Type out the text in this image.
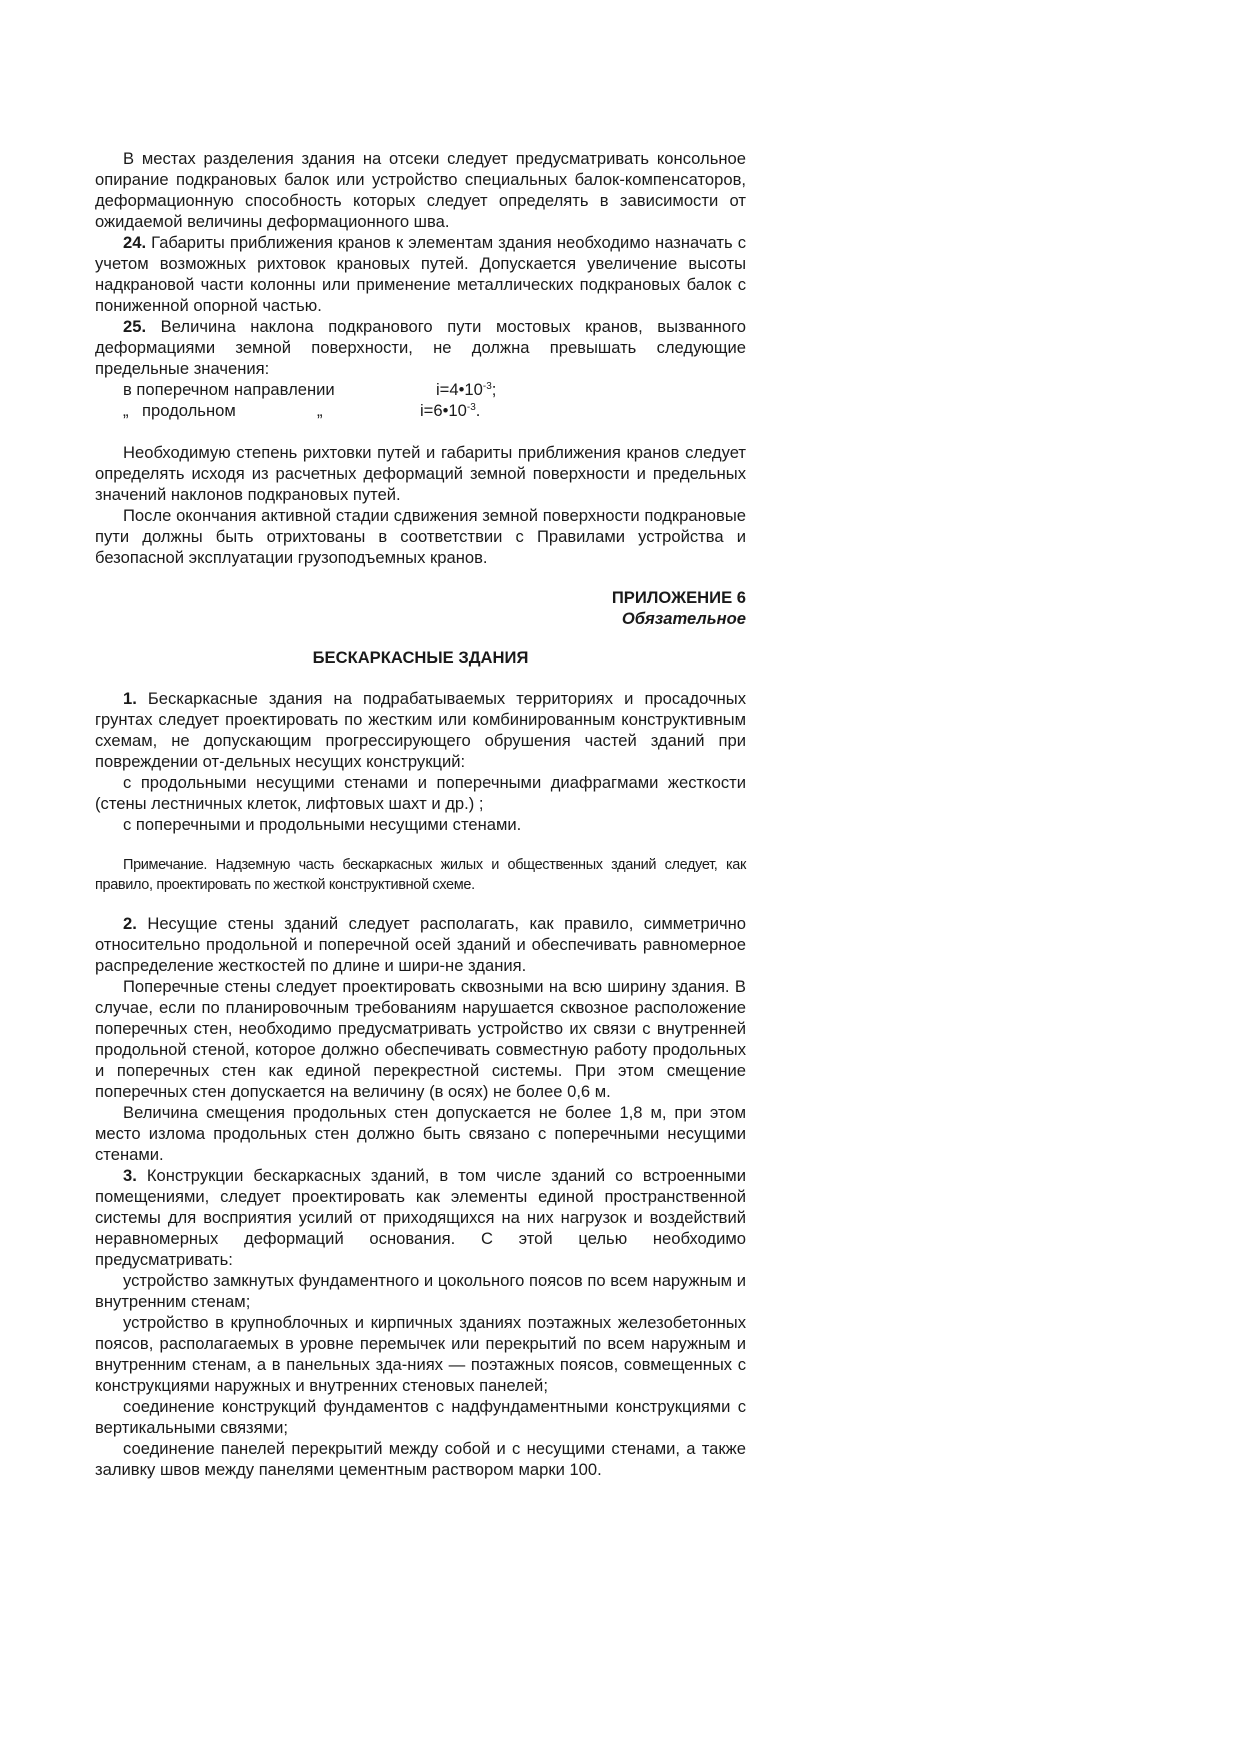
В местах разделения здания на отсеки следует предусматривать консольное опирание подкрановых балок или устройство специальных балок-компенсаторов, деформационную способность которых следует определять в зависимости от ожидаемой величины деформационного шва.

24. Габариты приближения кранов к элементам здания необходимо назначать с учетом возможных рихтовок крановых путей. Допускается увеличение высоты надкрановой части колонны или применение металлических подкрановых балок с пониженной опорной частью.

25. Величина наклона подкранового пути мостовых кранов, вызванного деформациями земной поверхности, не должна превышать следующие предельные значения:

в поперечном направлении	$i=4•10^{-3}$;
„ продольном	„	$i=6•10^{-3}$.

Необходимую степень рихтовки путей и габариты приближения кранов следует определять исходя из расчетных деформаций земной поверхности и предельных значений наклонов подкрановых путей.

После окончания активной стадии сдвижения земной поверхности подкрановые пути должны быть отрихтованы в соответствии с Правилами устройства и безопасной эксплуатации грузоподъемных кранов.

ПРИЛОЖЕНИЕ 6
Обязательное
БЕСКАРКАСНЫЕ ЗДАНИЯ

1. Бескаркасные здания на подрабатываемых территориях и просадочных грунтах следует проектировать по жестким или комбинированным конструктивным схемам, не допускающим прогрессирующего обрушения частей зданий при повреждении от-дельных несущих конструкций:

с продольными несущими стенами и поперечными диафрагмами жесткости (стены лестничных клеток, лифтовых шахт и др.) ;

с поперечными и продольными несущими стенами.

Примечание. Надземную часть бескаркасных жилых и общественных зданий следует, как правило, проектировать по жесткой конструктивной схеме.

2. Несущие стены зданий следует располагать, как правило, симметрично относительно продольной и поперечной осей зданий и обеспечивать равномерное распределение жесткостей по длине и шири-не здания.

Поперечные стены следует проектировать сквозными на всю ширину здания. В случае, если по планировочным требованиям нарушается сквозное расположение поперечных стен, необходимо предусматривать устройство их связи с внутренней продольной стеной, которое должно обеспечивать совместную работу продольных и поперечных стен как единой перекрестной системы. При этом смещение поперечных стен допускается на величину (в осях) не более 0,6 м.

Величина смещения продольных стен допускается не более 1,8 м, при этом место излома продольных стен должно быть связано с поперечными несущими стенами.

3. Конструкции бескаркасных зданий, в том числе зданий со встроенными помещениями, следует проектировать как элементы единой пространственной системы для восприятия усилий от приходящихся на них нагрузок и воздействий неравномерных деформаций основания. С этой целью необходимо предусматривать:

устройство замкнутых фундаментного и цокольного поясов по всем наружным и внутренним стенам;

устройство в крупноблочных и кирпичных зданиях поэтажных железобетонных поясов, располагаемых в уровне перемычек или перекрытий по всем наружным и внутренним стенам, а в панельных зда-ниях — поэтажных поясов, совмещенных с конструкциями наружных и внутренних стеновых панелей;

соединение конструкций фундаментов с надфундаментными конструкциями с вертикальными связями;

соединение панелей перекрытий между собой и с несущими стенами, а также заливку швов между панелями цементным раствором марки 100.
